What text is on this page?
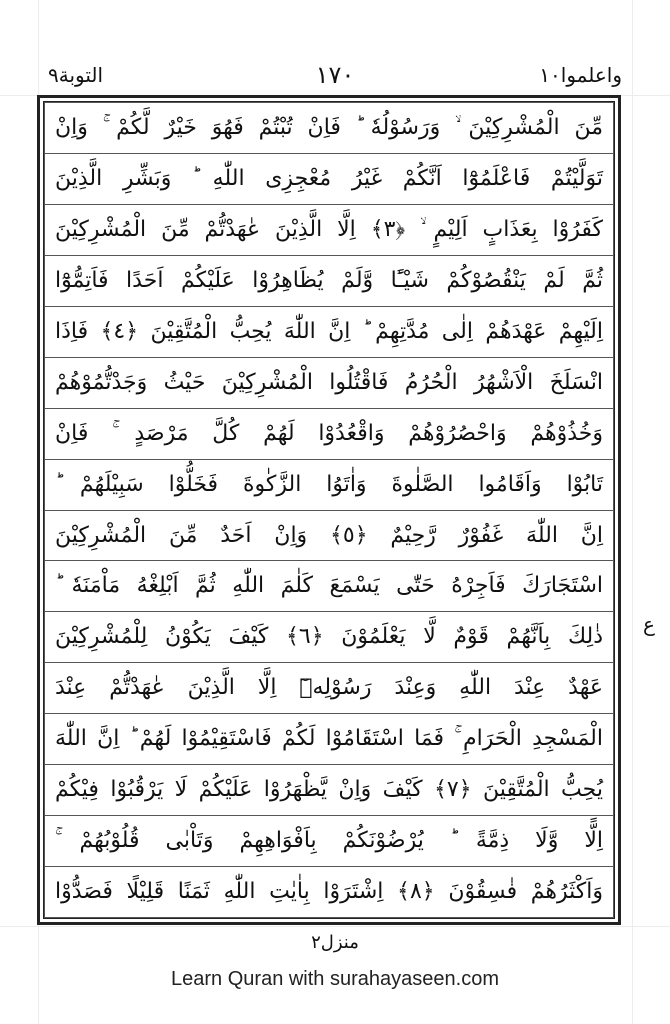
واعلموا١٠
١٧٠
التوبة٩
مِّنَ الْمُشْرِكِيْنَ ۙ وَرَسُوْلُهٗ ؕ فَاِنْ تُبْتُمْ فَهُوَ خَيْرٌ لَّكُمْ ۚ وَاِنْ
تَوَلَّيْتُمْ فَاعْلَمُوْٓا اَنَّكُمْ غَيْرُ مُعْجِزِى اللّٰهِ ؕ وَبَشِّرِ الَّذِيْنَ
كَفَرُوْا بِعَذَابٍ اَلِيْمٍ ۙ ﴿٣﴾ اِلَّا الَّذِيْنَ عٰهَدْتُّمْ مِّنَ الْمُشْرِكِيْنَ
ثُمَّ لَمْ يَنْقُصُوْكُمْ شَيْـًٔا وَّلَمْ يُظَاهِرُوْا عَلَيْكُمْ اَحَدًا فَاَتِمُّوْٓا
اِلَيْهِمْ عَهْدَهُمْ اِلٰى مُدَّتِهِمْ ؕ اِنَّ اللّٰهَ يُحِبُّ الْمُتَّقِيْنَ ﴿٤﴾ فَاِذَا
انْسَلَخَ الْاَشْهُرُ الْحُرُمُ فَاقْتُلُوا الْمُشْرِكِيْنَ حَيْثُ وَجَدْتُّمُوْهُمْ
وَخُذُوْهُمْ وَاحْصُرُوْهُمْ وَاقْعُدُوْا لَهُمْ كُلَّ مَرْصَدٍ ۚ فَاِنْ
تَابُوْا وَاَقَامُوا الصَّلٰوةَ وَاٰتَوُا الزَّكٰوةَ فَخَلُّوْا سَبِيْلَهُمْ ؕ
اِنَّ اللّٰهَ غَفُوْرٌ رَّحِيْمٌ ﴿٥﴾ وَاِنْ اَحَدٌ مِّنَ الْمُشْرِكِيْنَ
اسْتَجَارَكَ فَاَجِرْهُ حَتّٰى يَسْمَعَ كَلٰمَ اللّٰهِ ثُمَّ اَبْلِغْهُ مَاْمَنَهٗ ؕ
ذٰلِكَ بِاَنَّهُمْ قَوْمٌ لَّا يَعْلَمُوْنَ ﴿٦﴾ كَيْفَ يَكُوْنُ لِلْمُشْرِكِيْنَ
عَهْدٌ عِنْدَ اللّٰهِ وَعِنْدَ رَسُوْلِهٖٓ اِلَّا الَّذِيْنَ عٰهَدْتُّمْ عِنْدَ
الْمَسْجِدِ الْحَرَامِ ۚ فَمَا اسْتَقَامُوْا لَكُمْ فَاسْتَقِيْمُوْا لَهُمْ ؕ اِنَّ اللّٰهَ
يُحِبُّ الْمُتَّقِيْنَ ﴿٧﴾ كَيْفَ وَاِنْ يَّظْهَرُوْا عَلَيْكُمْ لَا يَرْقُبُوْا فِيْكُمْ
اِلًّا وَّلَا ذِمَّةً ؕ يُرْضُوْنَكُمْ بِاَفْوَاهِهِمْ وَتَاْبٰى قُلُوْبُهُمْ ۚ
وَاَكْثَرُهُمْ فٰسِقُوْنَ ﴿٨﴾ اِشْتَرَوْا بِاٰيٰتِ اللّٰهِ ثَمَنًا قَلِيْلًا فَصَدُّوْا
ع
منزل٢
Learn Quran with surahayaseen.com
